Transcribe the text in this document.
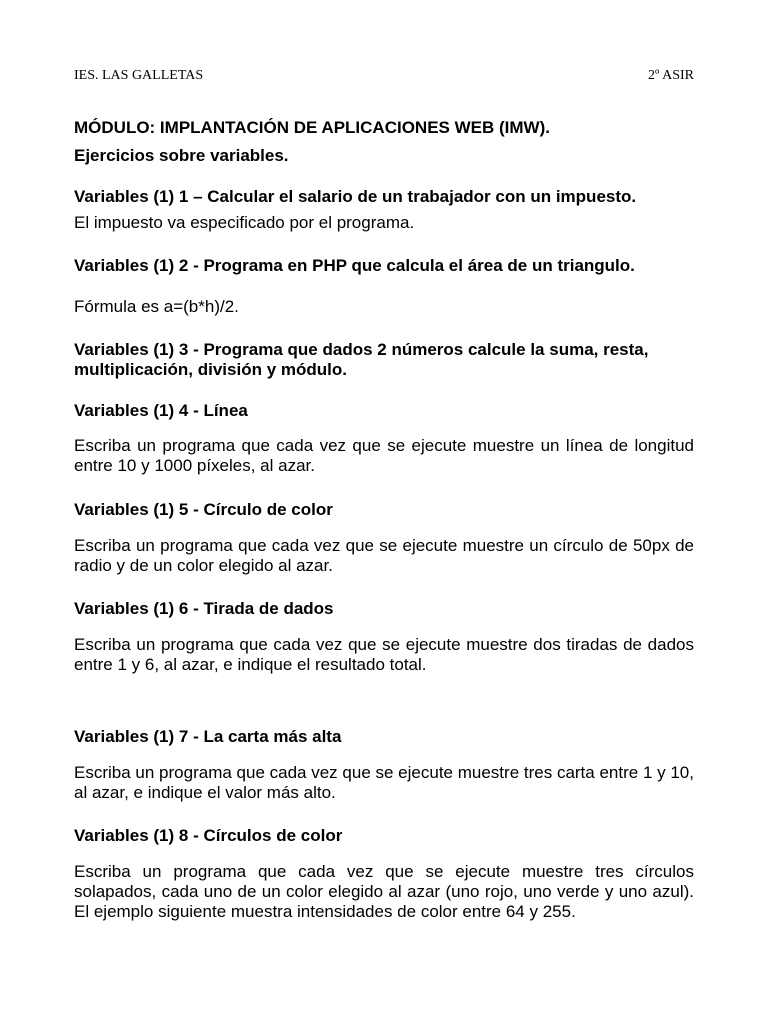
IES. LAS GALLETAS	2º ASIR
MÓDULO: IMPLANTACIÓN DE APLICACIONES WEB (IMW).
Ejercicios sobre variables.
Variables (1) 1 – Calcular el salario de un trabajador con un impuesto.
El impuesto va especificado por el programa.
Variables (1) 2 - Programa en PHP que calcula el área de un triangulo.
Fórmula es a=(b*h)/2.
Variables (1) 3 - Programa que dados 2 números calcule la suma, resta, multiplicación, división y módulo.
Variables (1) 4 - Línea
Escriba un programa que cada vez que se ejecute muestre un línea de longitud entre 10 y 1000 píxeles, al azar.
Variables (1) 5 - Círculo de color
Escriba un programa que cada vez que se ejecute muestre un círculo de 50px de radio y de un color elegido al azar.
Variables (1) 6 - Tirada de dados
Escriba un programa que cada vez que se ejecute muestre dos tiradas de dados entre 1 y 6, al azar, e indique el resultado total.
Variables (1) 7 - La carta más alta
Escriba un programa que cada vez que se ejecute muestre tres carta entre 1 y 10, al azar, e indique el valor más alto.
Variables (1) 8 - Círculos de color
Escriba un programa que cada vez que se ejecute muestre tres círculos solapados, cada uno de un color elegido al azar (uno rojo, uno verde y uno azul). El ejemplo siguiente muestra intensidades de color entre 64 y 255.
